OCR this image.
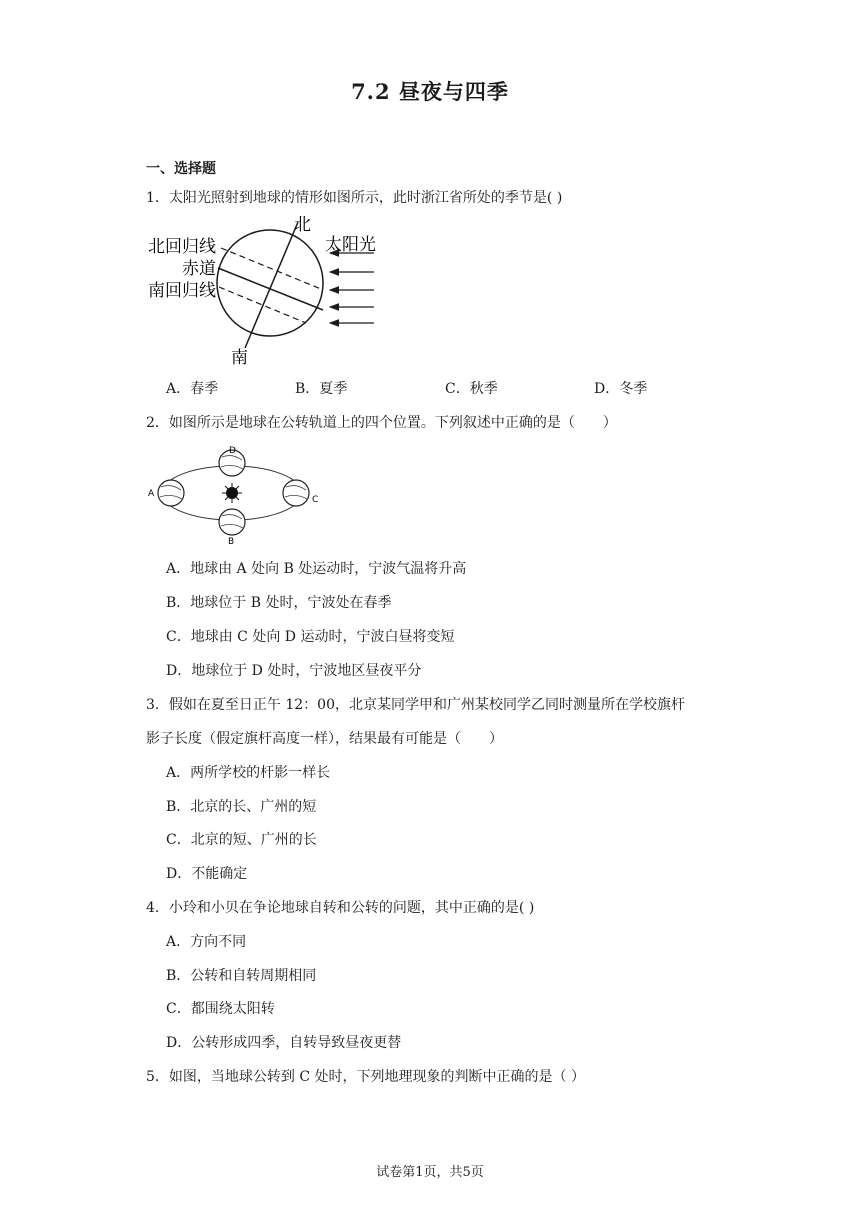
7.2 昼夜与四季
一、选择题
1．太阳光照射到地球的情形如图所示，此时浙江省所处的季节是( )
北
南
太阳光
北回归线
赤道
南回归线
A．春季	B．夏季	C．秋季	D．冬季
2．如图所示是地球在公转轨道上的四个位置。下列叙述中正确的是（　　）
A
B
C
D
A．地球由 A 处向 B 处运动时，宁波气温将升高
B．地球位于 B 处时，宁波处在春季
C．地球由 C 处向 D 运动时，宁波白昼将变短
D．地球位于 D 处时，宁波地区昼夜平分
3．假如在夏至日正午 12：00，北京某同学甲和广州某校同学乙同时测量所在学校旗杆
影子长度（假定旗杆高度一样），结果最有可能是（　　）
A．两所学校的杆影一样长
B．北京的长、广州的短
C．北京的短、广州的长
D．不能确定
4．小玲和小贝在争论地球自转和公转的问题，其中正确的是( )
A．方向不同
B．公转和自转周期相同
C．都围绕太阳转
D．公转形成四季，自转导致昼夜更替
5．如图，当地球公转到 C 处时，下列地理现象的判断中正确的是（ ）
试卷第1页，共5页
